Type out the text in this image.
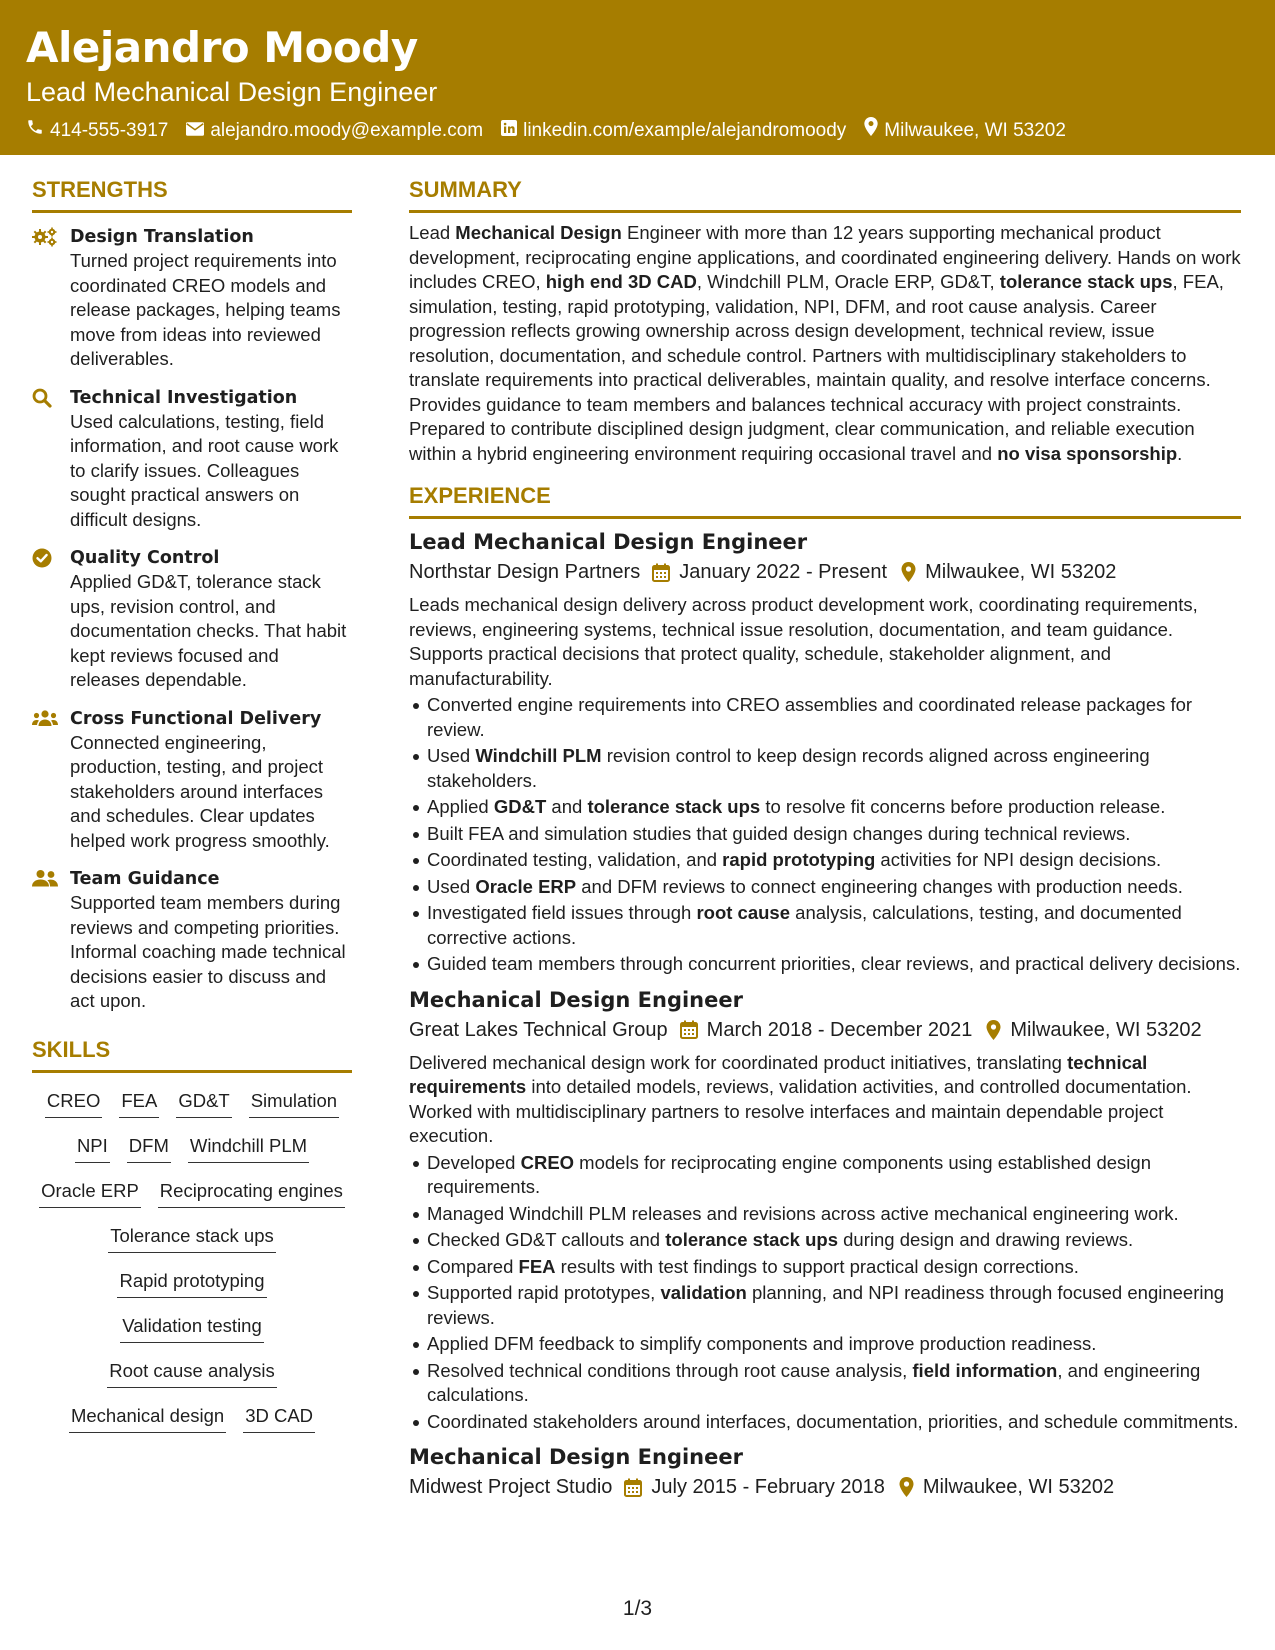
Alejandro Moody
Lead Mechanical Design Engineer
414-555-3917 alejandro.moody@example.com linkedin.com/example/alejandromoody Milwaukee, WI 53202
STRENGTHS
Design Translation
Turned project requirements into coordinated CREO models and release packages, helping teams move from ideas into reviewed deliverables.
Technical Investigation
Used calculations, testing, field information, and root cause work to clarify issues. Colleagues sought practical answers on difficult designs.
Quality Control
Applied GD&T, tolerance stack ups, revision control, and documentation checks. That habit kept reviews focused and releases dependable.
Cross Functional Delivery
Connected engineering, production, testing, and project stakeholders around interfaces and schedules. Clear updates helped work progress smoothly.
Team Guidance
Supported team members during reviews and competing priorities. Informal coaching made technical decisions easier to discuss and act upon.
SKILLS
CREO FEA GD&T Simulation
NPI DFM Windchill PLM
Oracle ERP Reciprocating engines
Tolerance stack ups
Rapid prototyping
Validation testing
Root cause analysis
Mechanical design 3D CAD
SUMMARY
Lead Mechanical Design Engineer with more than 12 years supporting mechanical product development, reciprocating engine applications, and coordinated engineering delivery. Hands on work includes CREO, high end 3D CAD, Windchill PLM, Oracle ERP, GD&T, tolerance stack ups, FEA, simulation, testing, rapid prototyping, validation, NPI, DFM, and root cause analysis. Career progression reflects growing ownership across design development, technical review, issue resolution, documentation, and schedule control. Partners with multidisciplinary stakeholders to translate requirements into practical deliverables, maintain quality, and resolve interface concerns. Provides guidance to team members and balances technical accuracy with project constraints. Prepared to contribute disciplined design judgment, clear communication, and reliable execution within a hybrid engineering environment requiring occasional travel and no visa sponsorship.
EXPERIENCE
Lead Mechanical Design Engineer
Northstar Design Partners January 2022 - Present Milwaukee, WI 53202
Leads mechanical design delivery across product development work, coordinating requirements, reviews, engineering systems, technical issue resolution, documentation, and team guidance. Supports practical decisions that protect quality, schedule, stakeholder alignment, and manufacturability.
Converted engine requirements into CREO assemblies and coordinated release packages for review.
Used Windchill PLM revision control to keep design records aligned across engineering stakeholders.
Applied GD&T and tolerance stack ups to resolve fit concerns before production release.
Built FEA and simulation studies that guided design changes during technical reviews.
Coordinated testing, validation, and rapid prototyping activities for NPI design decisions.
Used Oracle ERP and DFM reviews to connect engineering changes with production needs.
Investigated field issues through root cause analysis, calculations, testing, and documented corrective actions.
Guided team members through concurrent priorities, clear reviews, and practical delivery decisions.
Mechanical Design Engineer
Great Lakes Technical Group March 2018 - December 2021 Milwaukee, WI 53202
Delivered mechanical design work for coordinated product initiatives, translating technical requirements into detailed models, reviews, validation activities, and controlled documentation. Worked with multidisciplinary partners to resolve interfaces and maintain dependable project execution.
Developed CREO models for reciprocating engine components using established design requirements.
Managed Windchill PLM releases and revisions across active mechanical engineering work.
Checked GD&T callouts and tolerance stack ups during design and drawing reviews.
Compared FEA results with test findings to support practical design corrections.
Supported rapid prototypes, validation planning, and NPI readiness through focused engineering reviews.
Applied DFM feedback to simplify components and improve production readiness.
Resolved technical conditions through root cause analysis, field information, and engineering calculations.
Coordinated stakeholders around interfaces, documentation, priorities, and schedule commitments.
Mechanical Design Engineer
Midwest Project Studio July 2015 - February 2018 Milwaukee, WI 53202
1/3
